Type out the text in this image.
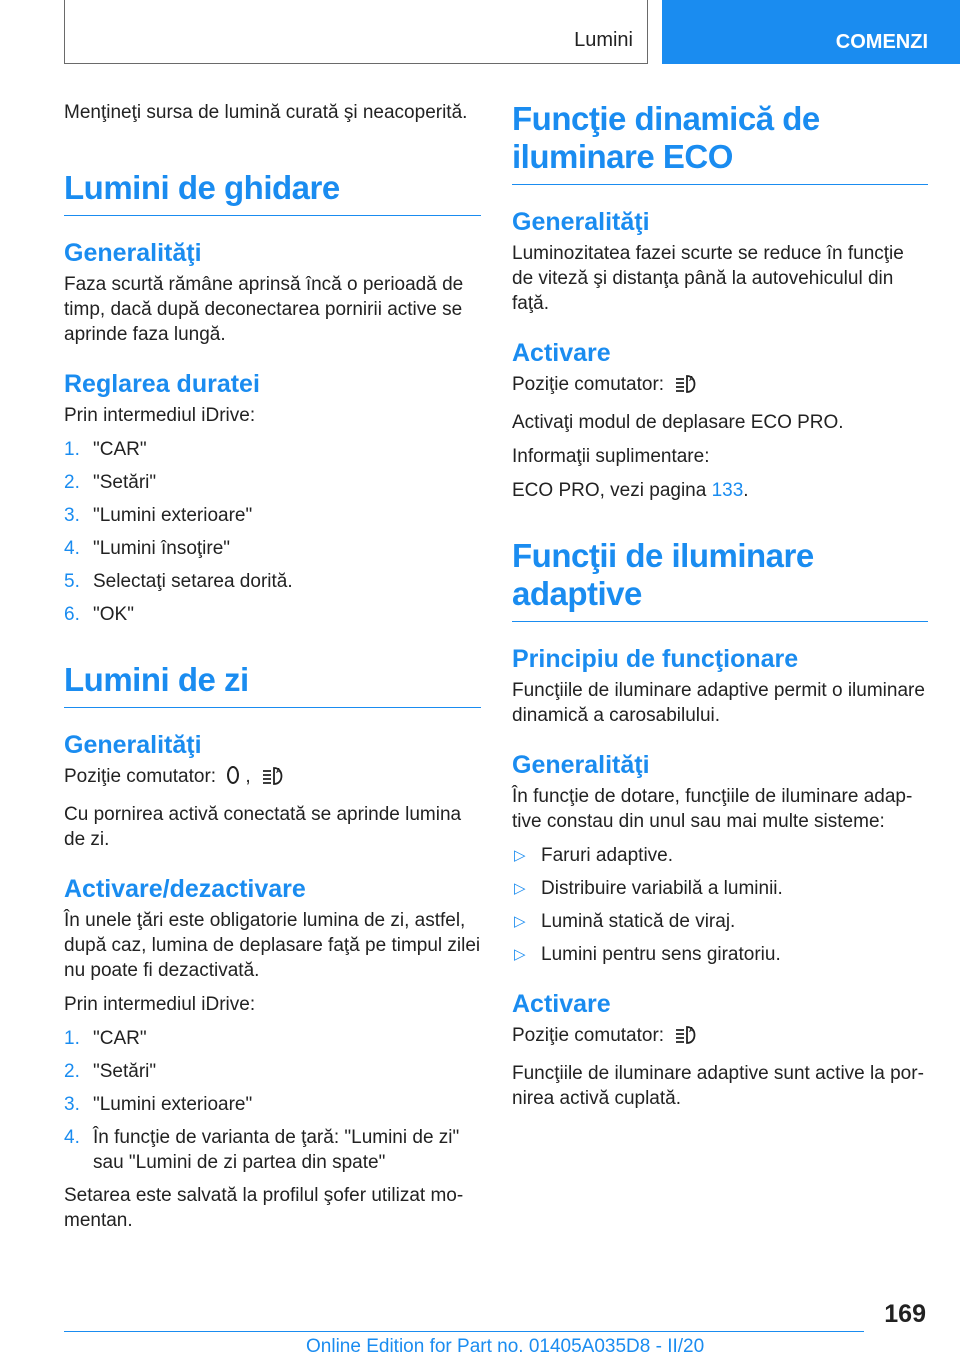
Lumini	COMENZI

Menţineţi sursa de lumină curată şi neacoperită.

Lumini de ghidare
Generalităţi

Faza scurtă rămâne aprinsă încă o perioadă de timp, dacă după deconectarea pornirii active se aprinde faza lungă.

Reglarea duratei

Prin intermediul iDrive:

1. "CAR"
2. "Setări"
3. "Lumini exterioare"
4. "Lumini însoţire"
5. Selectaţi setarea dorită.
6. "OK"
Lumini de zi
Generalităţi

Poziţie comutator: ,	A

Cu pornirea activă conectată se aprinde lumina de zi.

Activare/dezactivare

În unele ţări este obligatorie lumina de zi, astfel, după caz, lumina de deplasare faţă pe timpul zilei nu poate fi dezactivată.

Prin intermediul iDrive:

1. "CAR"
2. "Setări"
3. "Lumini exterioare"
4. În funcţie de varianta de ţară: "Lumini de zi" sau "Lumini de zi partea din spate"

Setarea este salvată la profilul şofer utilizat momentan.

Funcţie dinamică de iluminare ECO
Generalităţi

Luminozitatea fazei scurte se reduce în funcţie de viteză şi distanţa până la autovehiculul din faţă.

Activare

Poziţie comutator:	A

Activaţi modul de deplasare ECO PRO.

Informaţii suplimentare:

ECO PRO, vezi pagina 133.

Funcţii de iluminare adaptive
Principiu de funcţionare

Funcţiile de iluminare adaptive permit o iluminare dinamică a carosabilului.

Generalităţi

În funcţie de dotare, funcţiile de iluminare adaptive constau din unul sau mai multe sisteme:

▷ Faruri adaptive.
▷ Distribuire variabilă a luminii.
▷ Lumină statică de viraj.
▷ Lumini pentru sens giratoriu.
Activare

Poziţie comutator:	A

Funcţiile de iluminare adaptive sunt active la pornirea activă cuplată.

169
Online Edition for Part no. 01405A035D8 - II/20
